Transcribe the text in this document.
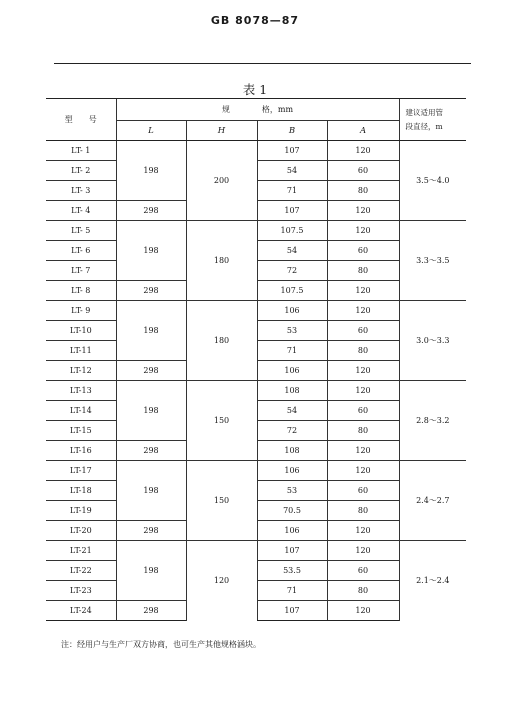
GB 8078—87
表 1
型　　号	规　　　　格，mm				建议适用管
段直径，m

	L	H	B	A	
LT- 1	198	200	107	120	3.5～4.0
LT- 2			54	60	
LT- 3			71	80	
LT- 4	298		107	120	
LT- 5	198	180	107.5	120	3.3～3.5
LT- 6			54	60	
LT- 7			72	80	
LT- 8	298		107.5	120	
LT- 9	198	180	106	120	3.0～3.3
LT-10			53	60	
LT-11			71	80	
LT-12	298		106	120	
LT-13	198	150	108	120	2.8～3.2
LT-14			54	60	
LT-15			72	80	
LT-16	298		108	120	
LT-17	198	150	106	120	2.4～2.7
LT-18			53	60	
LT-19			70.5	80	
LT-20	298		106	120	
LT-21	198	120	107	120	2.1～2.4
LT-22			53.5	60	
LT-23			71	80	
LT-24	298		107	120	
注：经用户与生产厂双方协商，也可生产其他规格涵块。
